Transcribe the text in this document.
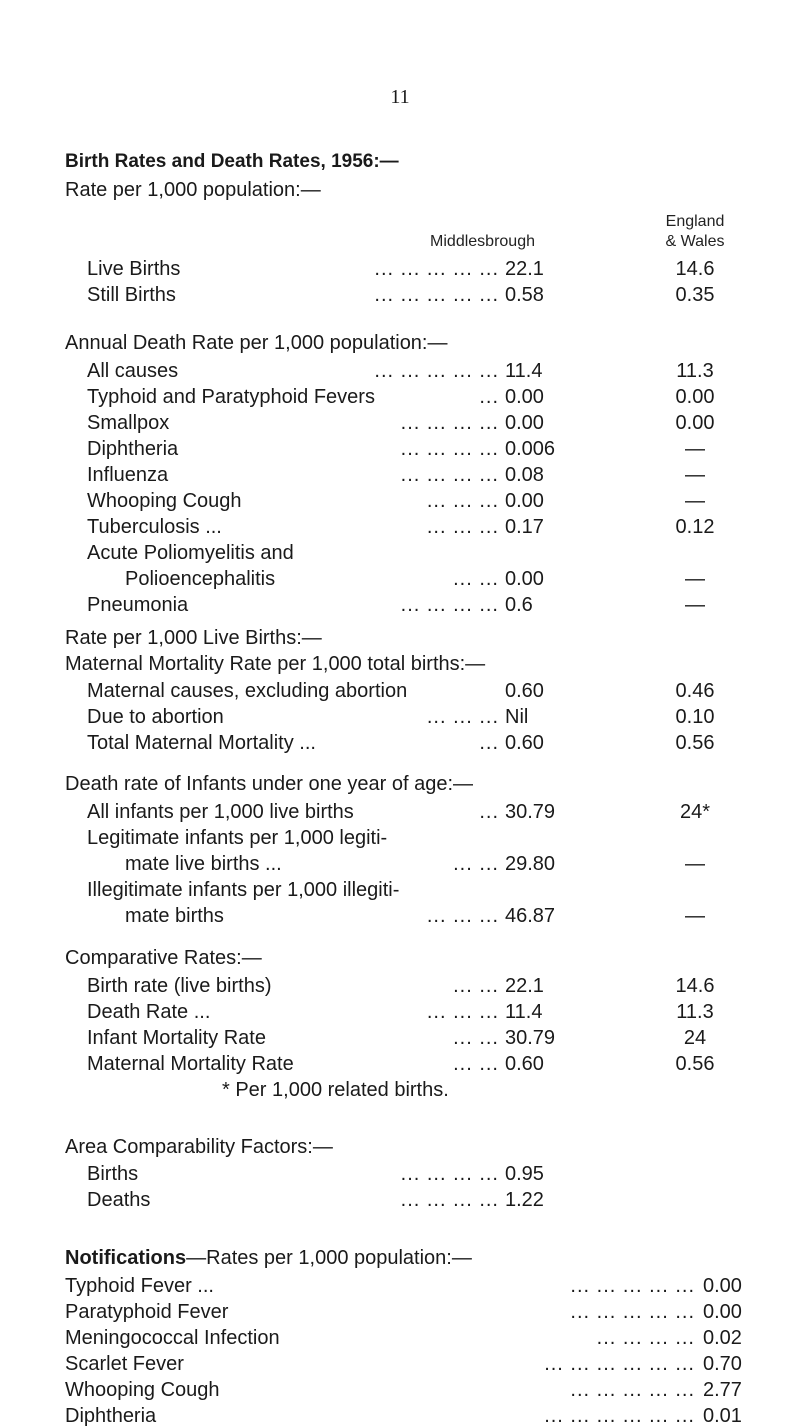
11
Birth Rates and Death Rates, 1956:—
Rate per 1,000 population:—
Middlesbrough
England
& Wales
Live Births	... ... ... ... ... 22.1	14.6
Still Births	... ... ... ... ... 0.58	0.35
Annual Death Rate per 1,000 population:—
All causes	... ... ... ... ... 11.4	11.3
Typhoid and Paratyphoid Fevers	... 0.00	0.00
Smallpox	... ... ... ... 0.00	0.00
Diphtheria	... ... ... ... 0.006	—
Influenza	... ... ... ... 0.08	—
Whooping Cough	... ... ... 0.00	—
Tuberculosis ...	... ... ... 0.17	0.12
Acute Poliomyelitis and
Polioencephalitis	... ... 0.00	—
Pneumonia	... ... ... ... 0.6	—
Rate per 1,000 Live Births:—
Maternal Mortality Rate per 1,000 total births:—
Maternal causes, excluding abortion	0.60	0.46
Due to abortion	... ... ... Nil	0.10
Total Maternal Mortality ...	... 0.60	0.56
Death rate of Infants under one year of age:—
All infants per 1,000 live births	... 30.79	24*
Legitimate infants per 1,000 legiti-
mate live births ...	... ... 29.80	—
Illegitimate infants per 1,000 illegiti-
mate births	... ... ... 46.87	—
Comparative Rates:—
Birth rate (live births)	... ... 22.1	14.6
Death Rate ...	... ... ... 11.4	11.3
Infant Mortality Rate	... ... 30.79	24
Maternal Mortality Rate	... ... 0.60	0.56
* Per 1,000 related births.
Area Comparability Factors:—
Births	... ... ... ... 0.95
Deaths	... ... ... ... 1.22
Notifications—Rates per 1,000 population:—
Typhoid Fever ...	... ... ... ... ... 0.00
Paratyphoid Fever	... ... ... ... ... 0.00
Meningococcal Infection	... ... ... ... 0.02
Scarlet Fever	... ... ... ... ... ... 0.70
Whooping Cough	... ... ... ... ... 2.77
Diphtheria	... ... ... ... ... ... 0.01
